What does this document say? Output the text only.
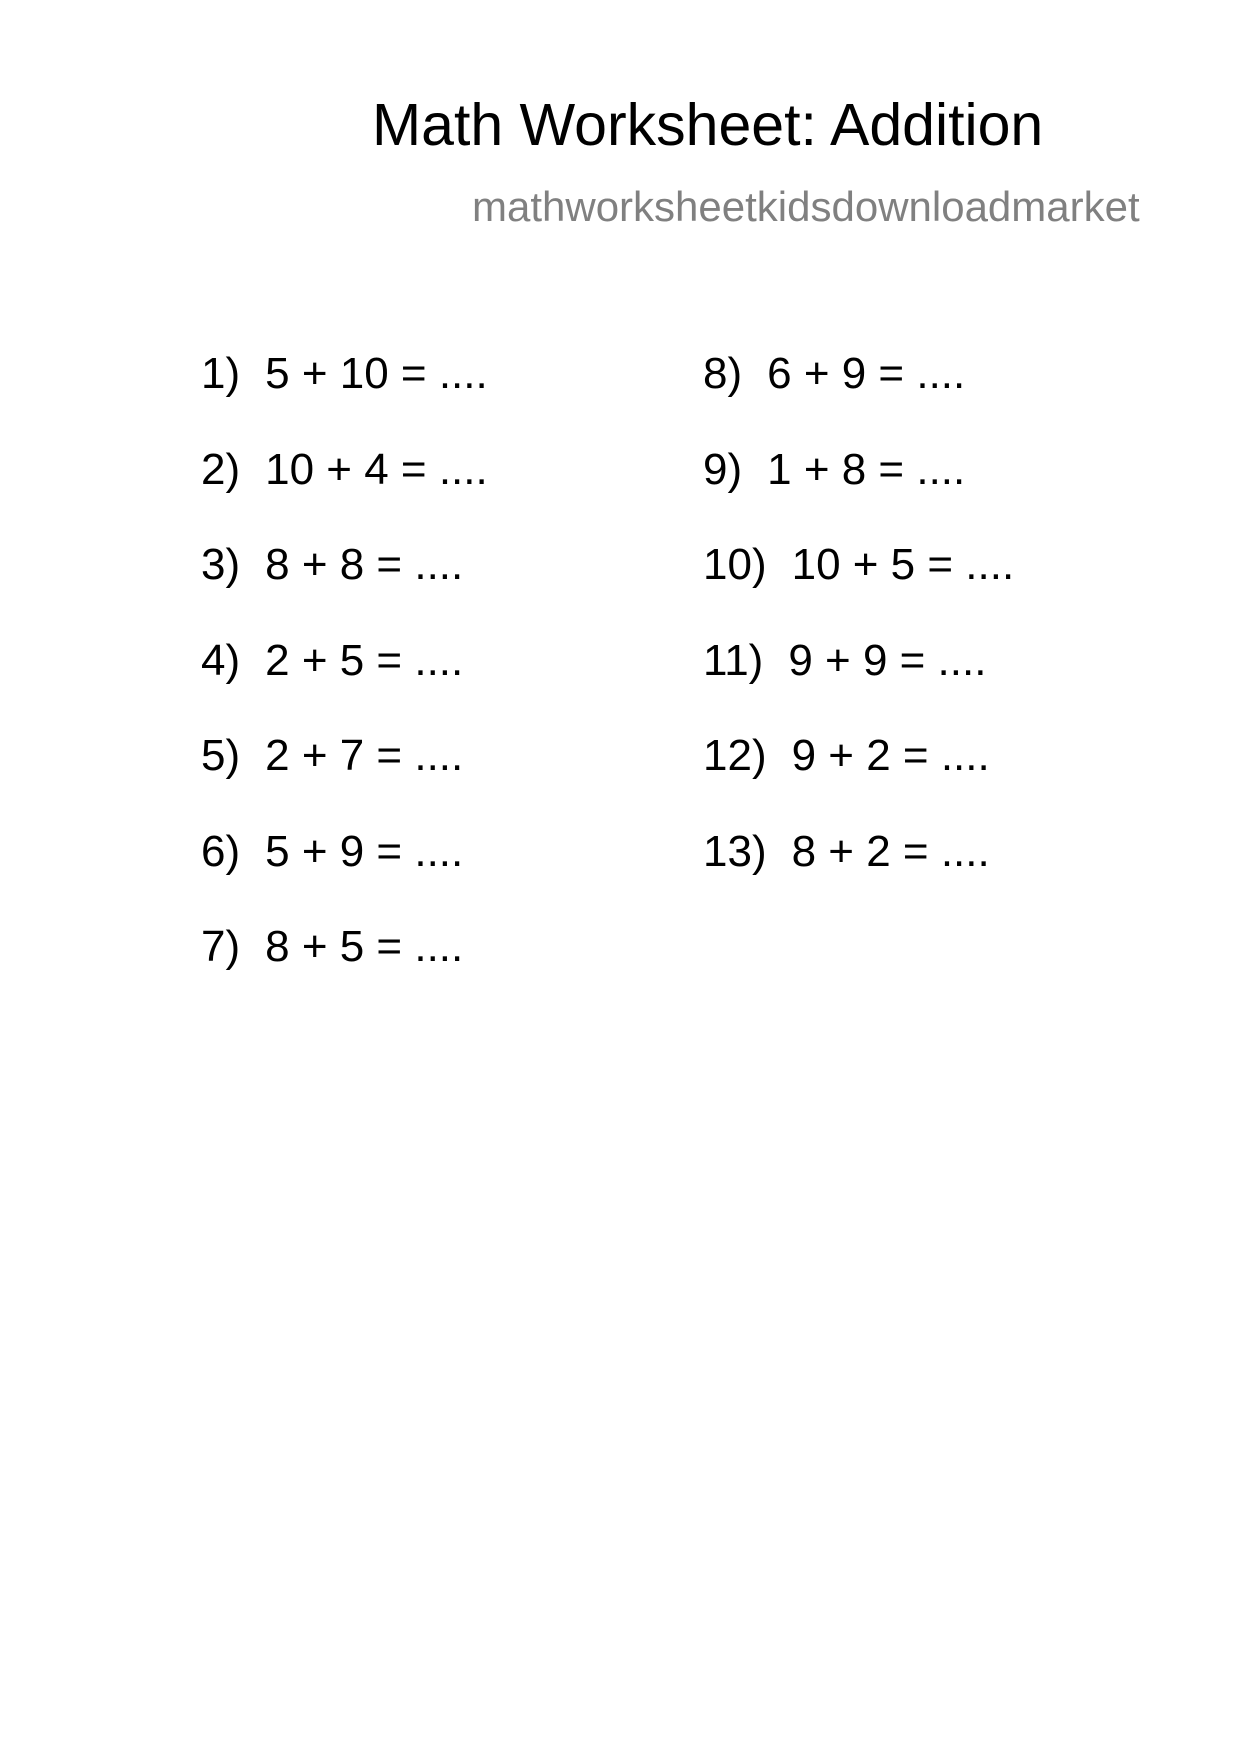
Math Worksheet: Addition
mathworksheetkidsdownloadmarket
1) 5 + 10 = ....
2) 10 + 4 = ....
3) 8 + 8 = ....
4) 2 + 5 = ....
5) 2 + 7 = ....
6) 5 + 9 = ....
7) 8 + 5 = ....
8) 6 + 9 = ....
9) 1 + 8 = ....
10) 10 + 5 = ....
11) 9 + 9 = ....
12) 9 + 2 = ....
13) 8 + 2 = ....
